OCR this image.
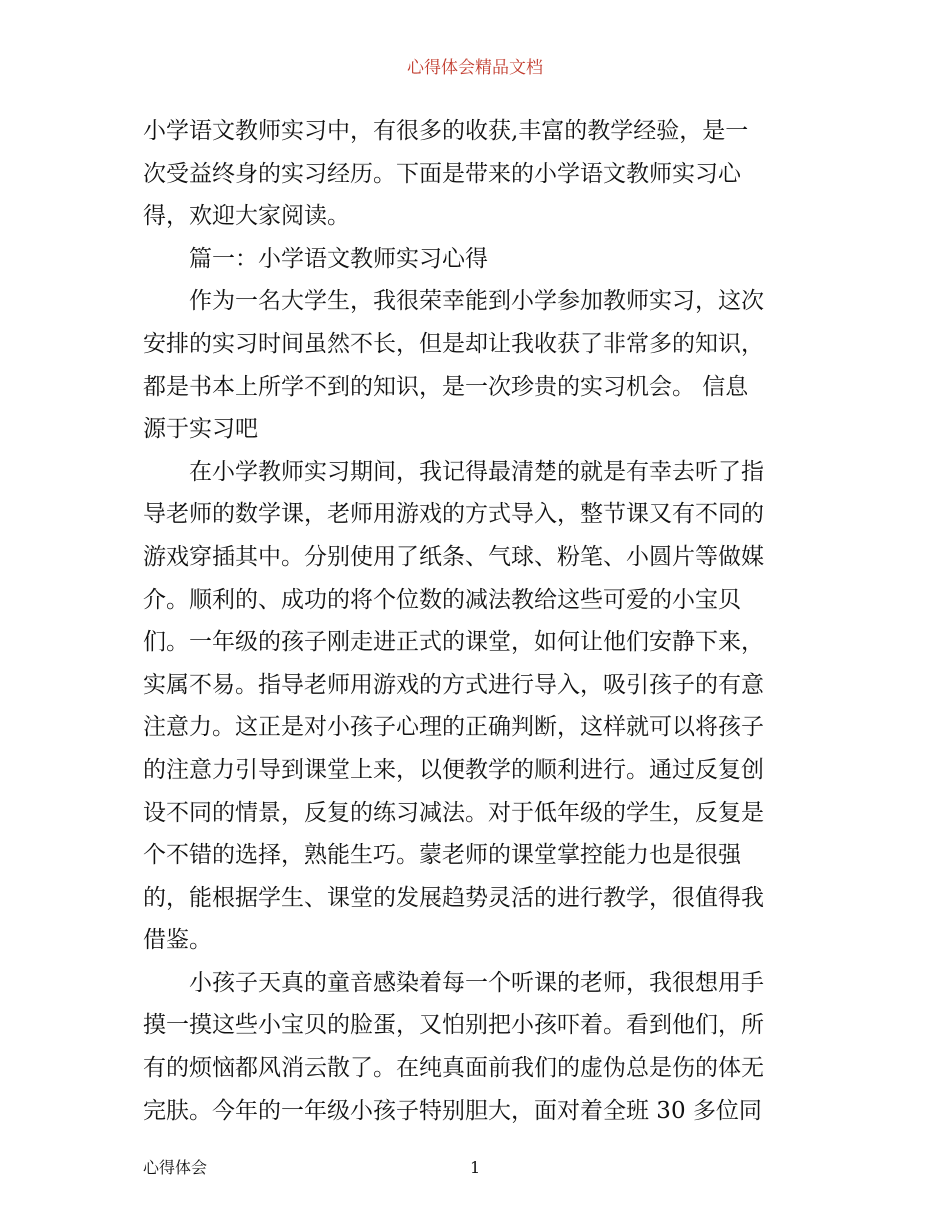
心得体会精品文档
小学语文教师实习中，有很多的收获,丰富的教学经验，是一
次受益终身的实习经历。下面是带来的小学语文教师实习心
得，欢迎大家阅读。
篇一：小学语文教师实习心得
作为一名大学生，我很荣幸能到小学参加教师实习，这次
安排的实习时间虽然不长，但是却让我收获了非常多的知识，
都是书本上所学不到的知识，是一次珍贵的实习机会。 信息
源于实习吧
在小学教师实习期间，我记得最清楚的就是有幸去听了指
导老师的数学课，老师用游戏的方式导入，整节课又有不同的
游戏穿插其中。分别使用了纸条、气球、粉笔、小圆片等做媒
介。顺利的、成功的将个位数的减法教给这些可爱的小宝贝
们。一年级的孩子刚走进正式的课堂，如何让他们安静下来，
实属不易。指导老师用游戏的方式进行导入，吸引孩子的有意
注意力。这正是对小孩子心理的正确判断，这样就可以将孩子
的注意力引导到课堂上来，以便教学的顺利进行。通过反复创
设不同的情景，反复的练习减法。对于低年级的学生，反复是
个不错的选择，熟能生巧。蒙老师的课堂掌控能力也是很强
的，能根据学生、课堂的发展趋势灵活的进行教学，很值得我
借鉴。
小孩子天真的童音感染着每一个听课的老师，我很想用手
摸一摸这些小宝贝的脸蛋，又怕别把小孩吓着。看到他们，所
有的烦恼都风消云散了。在纯真面前我们的虚伪总是伤的体无
完肤。今年的一年级小孩子特别胆大，面对着全班 30 多位同
心得体会	1
